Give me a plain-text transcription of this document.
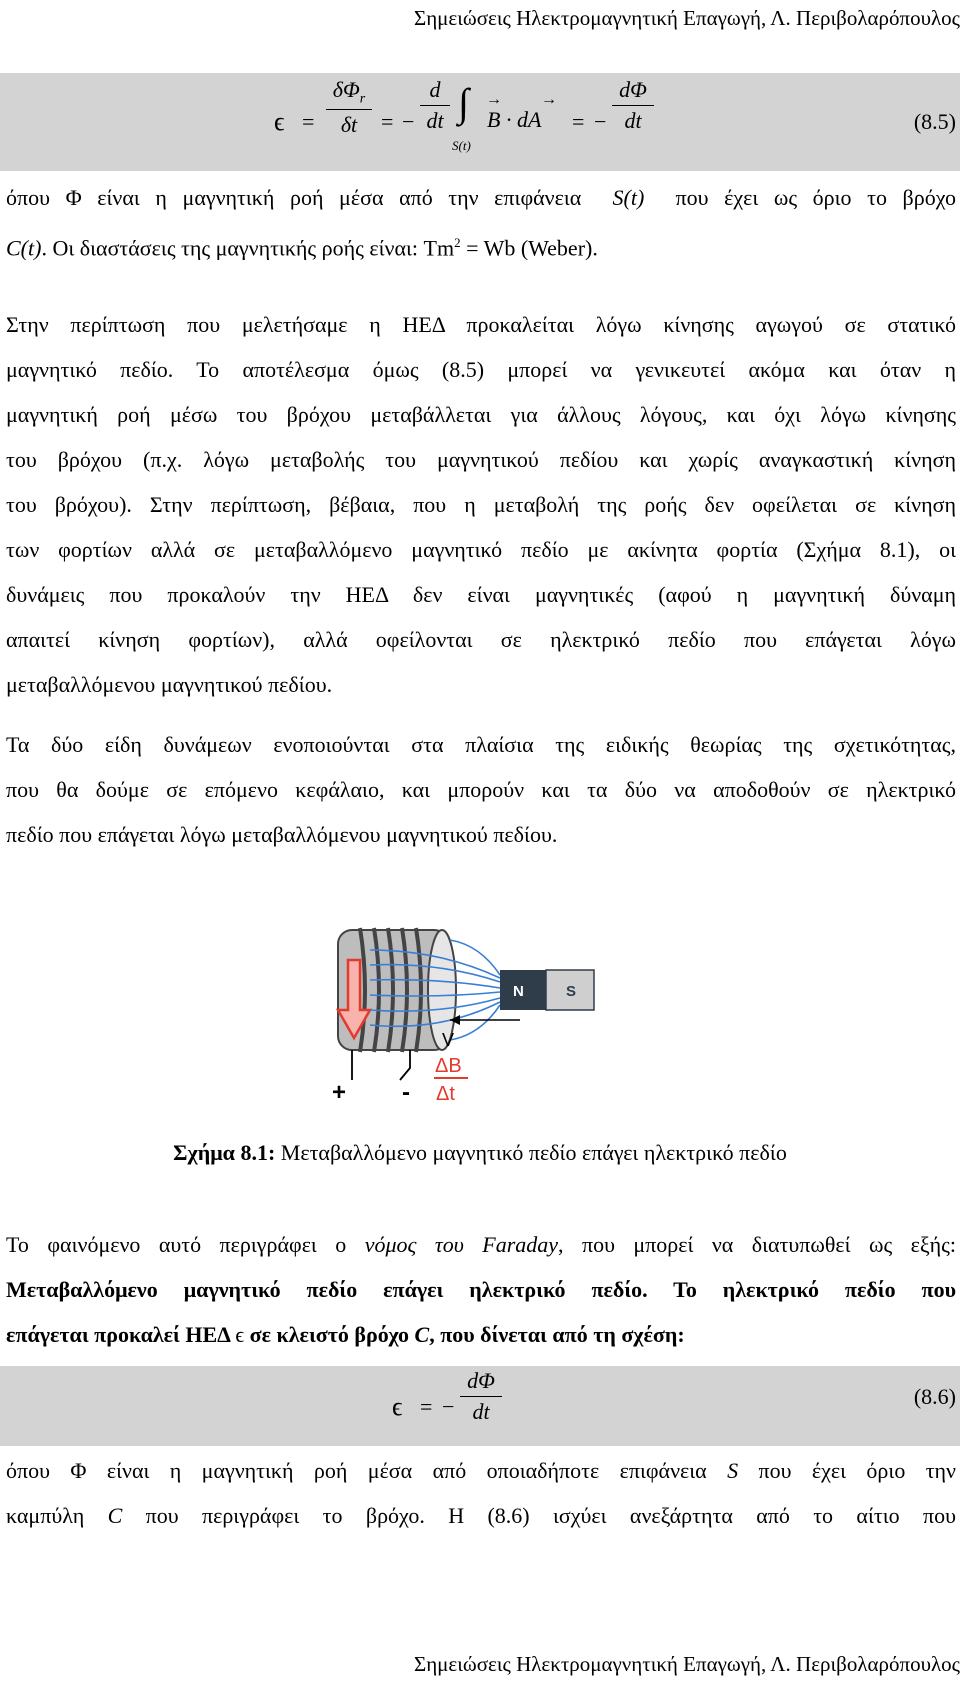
Σημειώσεις Ηλεκτρομαγνητική Επαγωγή, Λ. Περιβολαρόπουλος
ϵ =
$\delta\Phi_r$
δt	= −
d
dt ∫
S(t)
B · dA
→ →
= −
dΦ
dt	(8.5)
όπου Φ είναι η μαγνητική ροή μέσα από την επιφάνεια S(t) που έχει ως όριο το βρόχο
C(t). Οι διαστάσεις της μαγνητικής ροής είναι: $Tm^2 = Wb$ (Weber).
Στην περίπτωση που μελετήσαμε η ΗΕΔ προκαλείται λόγω κίνησης αγωγού σε στατικό
μαγνητικό πεδίο. Το αποτέλεσμα όμως (8.5) μπορεί να γενικευτεί ακόμα και όταν η
μαγνητική ροή μέσω του βρόχου μεταβάλλεται για άλλους λόγους, και όχι λόγω κίνησης
του βρόχου (π.χ. λόγω μεταβολής του μαγνητικού πεδίου και χωρίς αναγκαστική κίνηση
του βρόχου). Στην περίπτωση, βέβαια, που η μεταβολή της ροής δεν οφείλεται σε κίνηση
των φορτίων αλλά σε μεταβαλλόμενο μαγνητικό πεδίο με ακίνητα φορτία (Σχήμα 8.1), οι
δυνάμεις που προκαλούν την ΗΕΔ δεν είναι μαγνητικές (αφού η μαγνητική δύναμη
απαιτεί κίνηση φορτίων), αλλά οφείλονται σε ηλεκτρικό πεδίο που επάγεται λόγω
μεταβαλλόμενου μαγνητικού πεδίου.
Τα δύο είδη δυνάμεων ενοποιούνται στα πλαίσια της ειδικής θεωρίας της σχετικότητας,
που θα δούμε σε επόμενο κεφάλαιο, και μπορούν και τα δύο να αποδοθούν σε ηλεκτρικό
πεδίο που επάγεται λόγω μεταβαλλόμενου μαγνητικού πεδίου.
N	S
V
ΔB
Δt
+ -
Σχήμα 8.1: Μεταβαλλόμενο μαγνητικό πεδίο επάγει ηλεκτρικό πεδίο
Το φαινόμενο αυτό περιγράφει ο νόμος του Faraday, που μπορεί να διατυπωθεί ως εξής:
Μεταβαλλόμενο μαγνητικό πεδίο επάγει ηλεκτρικό πεδίο. Το ηλεκτρικό πεδίο που
επάγεται προκαλεί ΗΕΔ ϵ σε κλειστό βρόχο C, που δίνεται από τη σχέση:
ϵ = −
dΦ
dt
(8.6)
όπου Φ είναι η μαγνητική ροή μέσα από οποιαδήποτε επιφάνεια S που έχει όριο την
καμπύλη C που περιγράφει το βρόχο. Η (8.6) ισχύει ανεξάρτητα από το αίτιο που
Σημειώσεις Ηλεκτρομαγνητική Επαγωγή, Λ. Περιβολαρόπουλος
